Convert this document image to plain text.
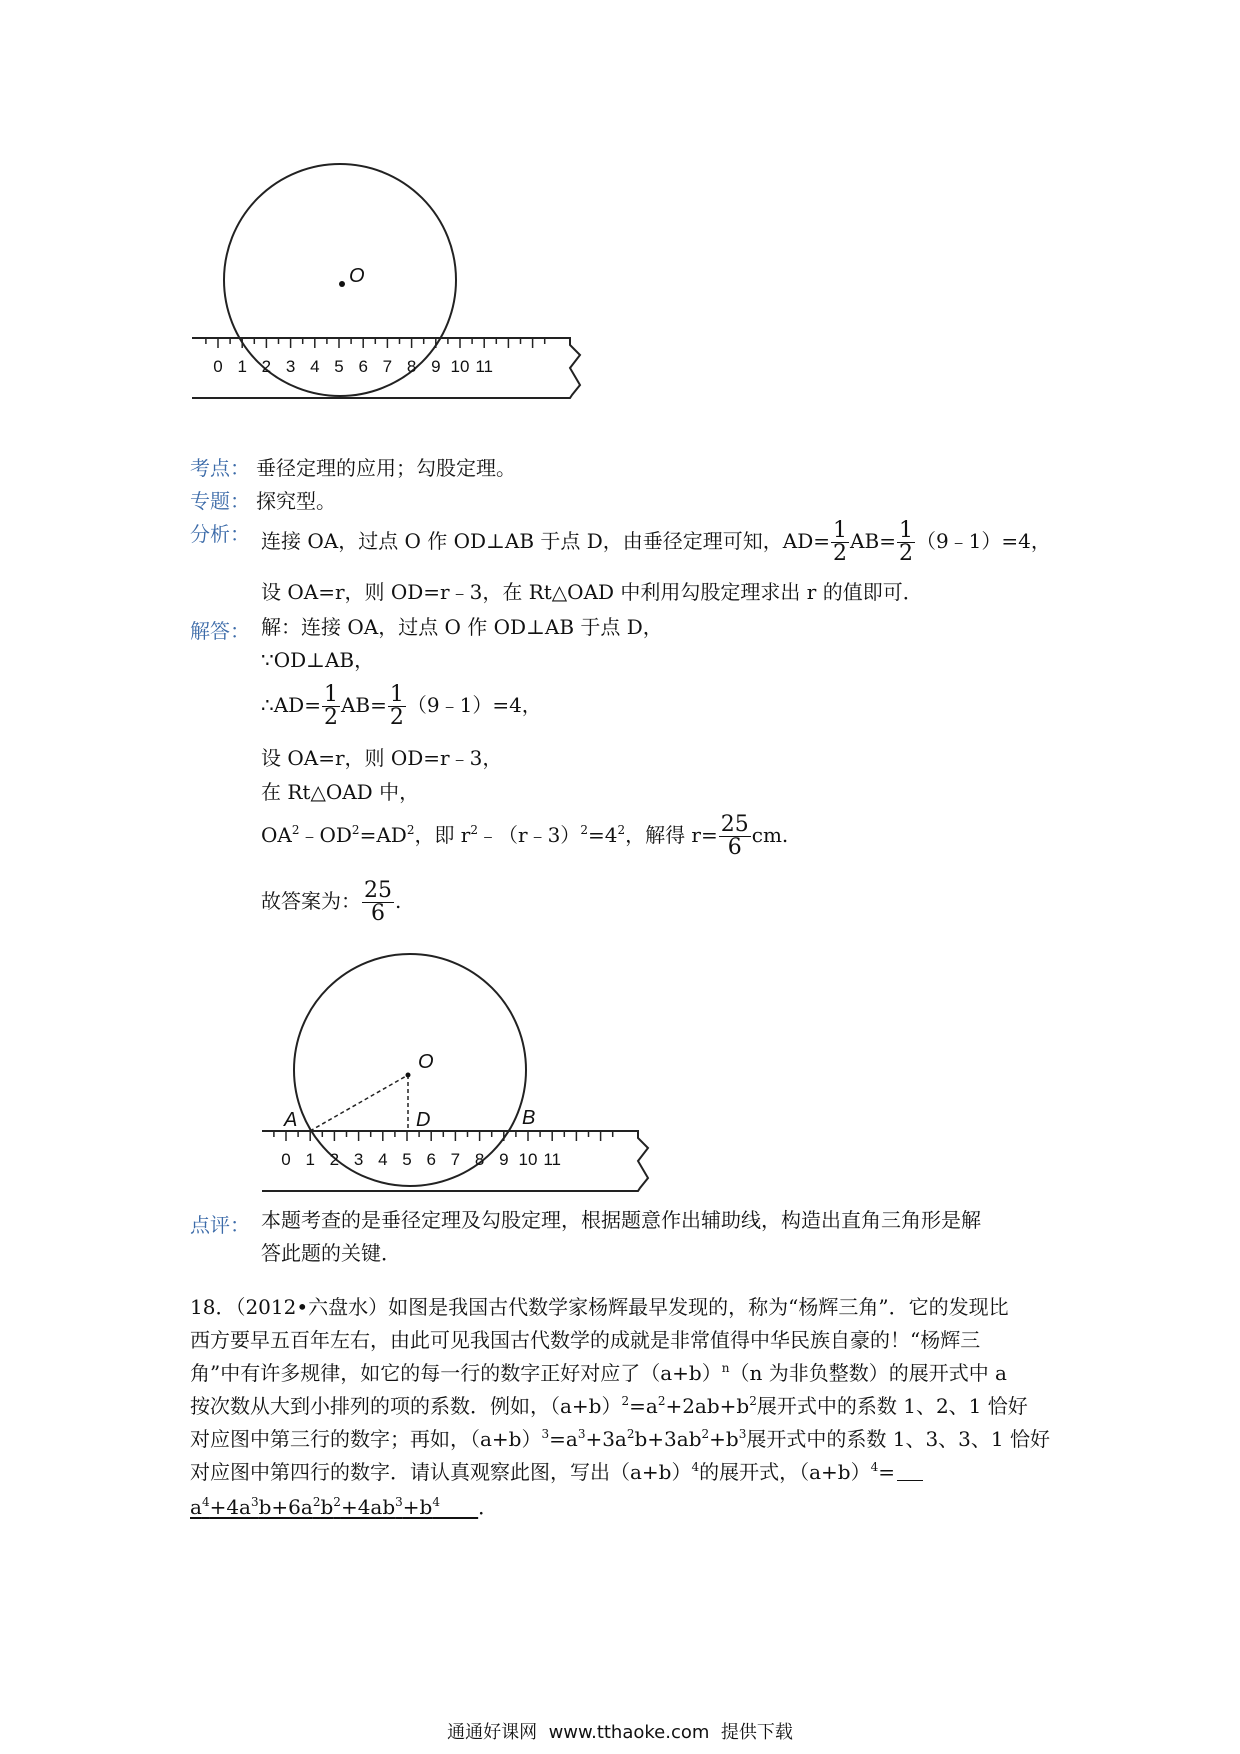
O
0 1 2 3 4 5 6 7 8 9 10 11
考点： 垂径定理的应用；勾股定理。
专题： 探究型。
分析： 连接 OA，过点 O 作 OD⊥AB 于点 D，由垂径定理可知，$AD= \frac{1}{2} AB= \frac{1}{2}$ （9﹣1）=4，
设 OA=r，则 OD=r﹣3，在 Rt△OAD 中利用勾股定理求出 r 的值即可．
解答： 解：连接 OA，过点 O 作 OD⊥AB 于点 D，
∵OD⊥AB，
∴AD= $\frac{1}{2} AB= \frac{1}{2}$ （9﹣1）=4，
设 OA=r，则 OD=r﹣3，
在 Rt△OAD 中，
$OA^2﹣OD^2=AD^2$，即 $r^2﹣(r﹣3)^2=4^2$，解得 $r= \frac{25}{6}$ cm.
故答案为： $\frac{25}{6}$ .
O
A	D	B
0 1 2 3 4 5 6 7 8 9 10 11
点评： 本题考查的是垂径定理及勾股定理，根据题意作出辅助线，构造出直角三角形是解
答此题的关键．
18．（2012•六盘水）如图是我国古代数学家杨辉最早发现的，称为“杨辉三角”．它的发现比
西方要早五百年左右，由此可见我国古代数学的成就是非常值得中华民族自豪的！“杨辉三
角”中有许多规律，如它的每一行的数字正好对应了$(a+b)^n(n$ 为非负整数）的展开式中 a
按次数从大到小排列的项的系数．例如，$(a+b)^2=a^2+2ab+b^2$展开式中的系数 1、2、1 恰好
对应图中第三行的数字；再如，$(a+b)^3=a^3+3a^2b+3ab^2+b^3$展开式中的系数 1、3、3、1 恰好
对应图中第四行的数字．请认真观察此图，写出$(a+b)^4$的展开式，$(a+b)^4=$
$a^4+4a^3b+6a^2b^2+4ab^3+b^4$ ．
通通好课网  www.tthaoke.com  提供下载
